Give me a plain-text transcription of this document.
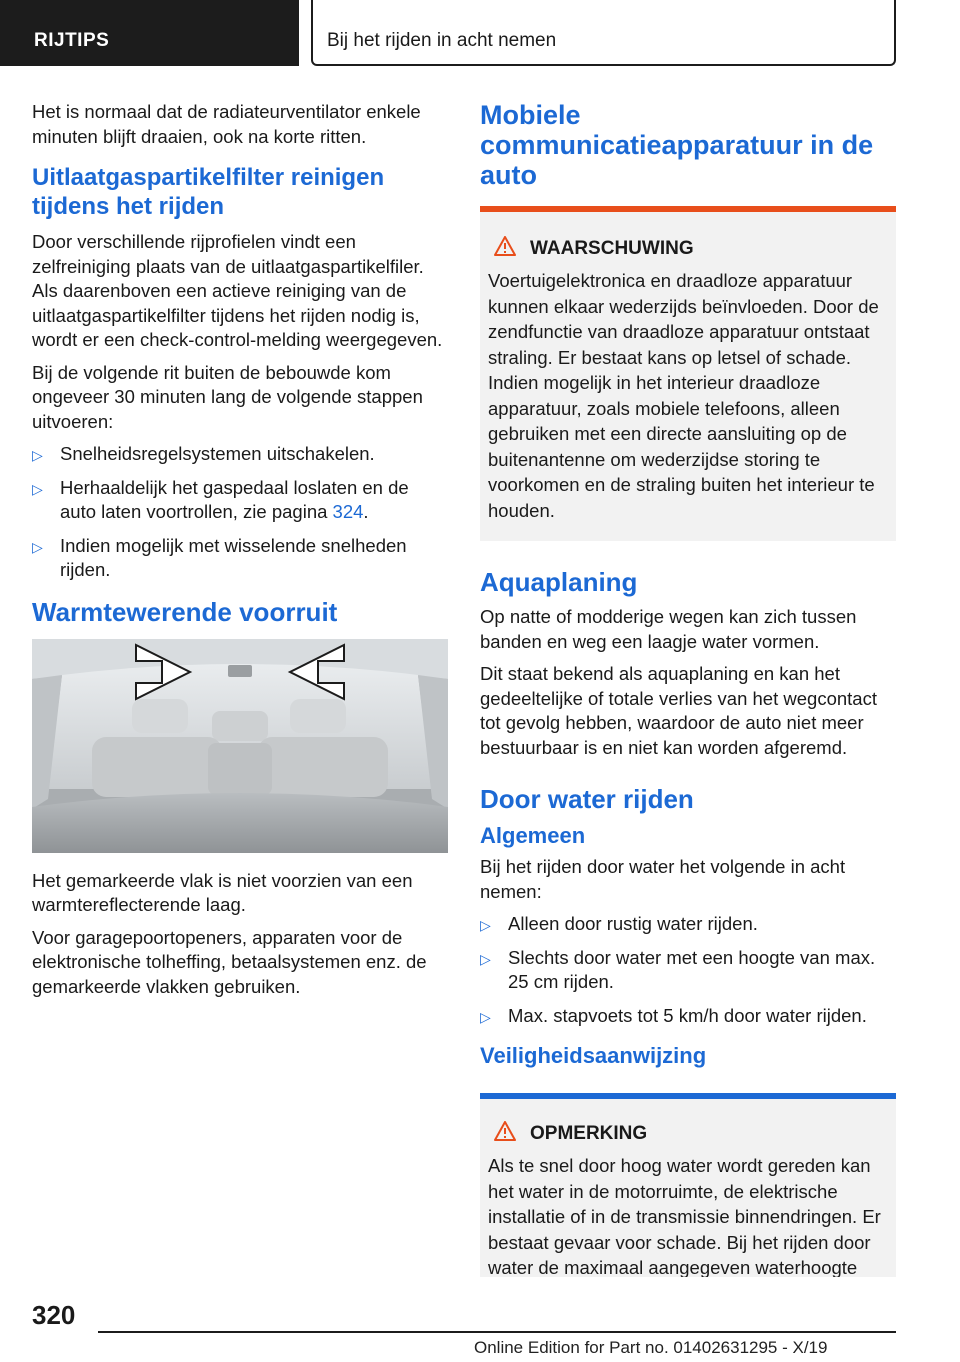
RIJTIPS	Bij het rijden in acht nemen

Het is normaal dat de radiateurventilator enkele minuten blijft draaien, ook na korte ritten.

Uitlaatgaspartikelfilter reinigen tijdens het rijden

Door verschillende rijprofielen vindt een zelfreiniging plaats van de uitlaatgaspartikelfiler. Als daarenboven een actieve reiniging van de uitlaatgaspartikelfilter tijdens het rijden nodig is, wordt er een check-control-melding weergegeven.

Bij de volgende rit buiten de bebouwde kom ongeveer 30 minuten lang de volgende stappen uitvoeren:

▷ Snelheidsregelsystemen uitschakelen.
▷ Herhaaldelijk het gaspedaal loslaten en de auto laten voortrollen, zie pagina 324.
▷ Indien mogelijk met wisselende snelheden rijden.
Warmtewerende voorruit

Het gemarkeerde vlak is niet voorzien van een warmtereflecterende laag.

Voor garagepoortopeners, apparaten voor de elektronische tolheffing, betaalsystemen enz. de gemarkeerde vlakken gebruiken.

Mobiele communicatieapparatuur in de auto
WAARSCHUWING

Voertuigelektronica en draadloze apparatuur kunnen elkaar wederzijds beïnvloeden. Door de zendfunctie van draadloze apparatuur ontstaat straling. Er bestaat kans op letsel of schade. Indien mogelijk in het interieur draadloze apparatuur, zoals mobiele telefoons, alleen gebruiken met een directe aansluiting op de buitenantenne om wederzijdse storing te voorkomen en de straling buiten het interieur te houden.

Aquaplaning

Op natte of modderige wegen kan zich tussen banden en weg een laagje water vormen.

Dit staat bekend als aquaplaning en kan het gedeeltelijke of totale verlies van het wegcontact tot gevolg hebben, waardoor de auto niet meer bestuurbaar is en niet kan worden afgeremd.

Door water rijden
Algemeen

Bij het rijden door water het volgende in acht nemen:

▷ Alleen door rustig water rijden.
▷ Slechts door water met een hoogte van max. 25 cm rijden.
▷ Max. stapvoets tot 5 km/h door water rijden.
Veiligheidsaanwijzing
OPMERKING

Als te snel door hoog water wordt gereden kan het water in de motorruimte, de elektrische installatie of in de transmissie binnendringen. Er bestaat gevaar voor schade. Bij het rijden door water de maximaal aangegeven waterhoogte

320
Online Edition for Part no. 01402631295 - X/19
